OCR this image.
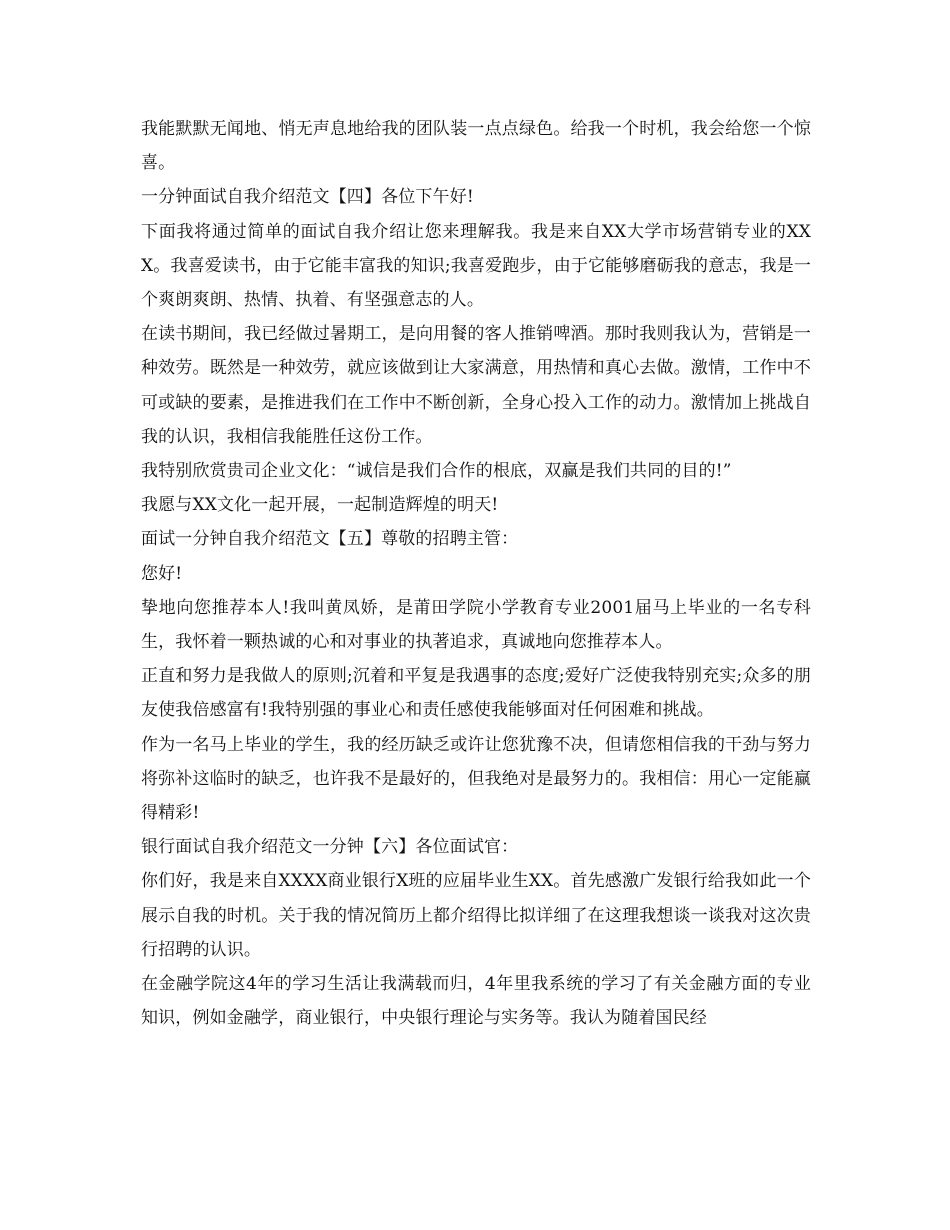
我能默默无闻地、悄无声息地给我的团队装一点点绿色。给我一个时机，我会给您一个惊喜。

一分钟面试自我介绍范文【四】各位下午好!

下面我将通过简单的面试自我介绍让您来理解我。我是来自XX大学市场营销专业的XXX。我喜爱读书，由于它能丰富我的知识;我喜爱跑步，由于它能够磨砺我的意志，我是一个爽朗爽朗、热情、执着、有坚强意志的人。

在读书期间，我已经做过暑期工，是向用餐的客人推销啤酒。那时我则我认为，营销是一种效劳。既然是一种效劳，就应该做到让大家满意，用热情和真心去做。激情，工作中不可或缺的要素，是推进我们在工作中不断创新，全身心投入工作的动力。激情加上挑战自我的认识，我相信我能胜任这份工作。

我特别欣赏贵司企业文化：“诚信是我们合作的根底，双赢是我们共同的目的!”

我愿与XX文化一起开展，一起制造辉煌的明天!

面试一分钟自我介绍范文【五】尊敬的招聘主管：

您好!

挚地向您推荐本人!我叫黄凤娇，是莆田学院小学教育专业2001届马上毕业的一名专科生，我怀着一颗热诚的心和对事业的执著追求，真诚地向您推荐本人。

正直和努力是我做人的原则;沉着和平复是我遇事的态度;爱好广泛使我特别充实;众多的朋友使我倍感富有!我特别强的事业心和责任感使我能够面对任何困难和挑战。

作为一名马上毕业的学生，我的经历缺乏或许让您犹豫不决，但请您相信我的干劲与努力将弥补这临时的缺乏，也许我不是最好的，但我绝对是最努力的。我相信：用心一定能赢得精彩!

银行面试自我介绍范文一分钟【六】各位面试官：

你们好，我是来自XXXX商业银行X班的应届毕业生XX。首先感激广发银行给我如此一个展示自我的时机。关于我的情况简历上都介绍得比拟详细了在这理我想谈一谈我对这次贵行招聘的认识。

在金融学院这4年的学习生活让我满载而归，4年里我系统的学习了有关金融方面的专业知识，例如金融学，商业银行，中央银行理论与实务等。我认为随着国民经
